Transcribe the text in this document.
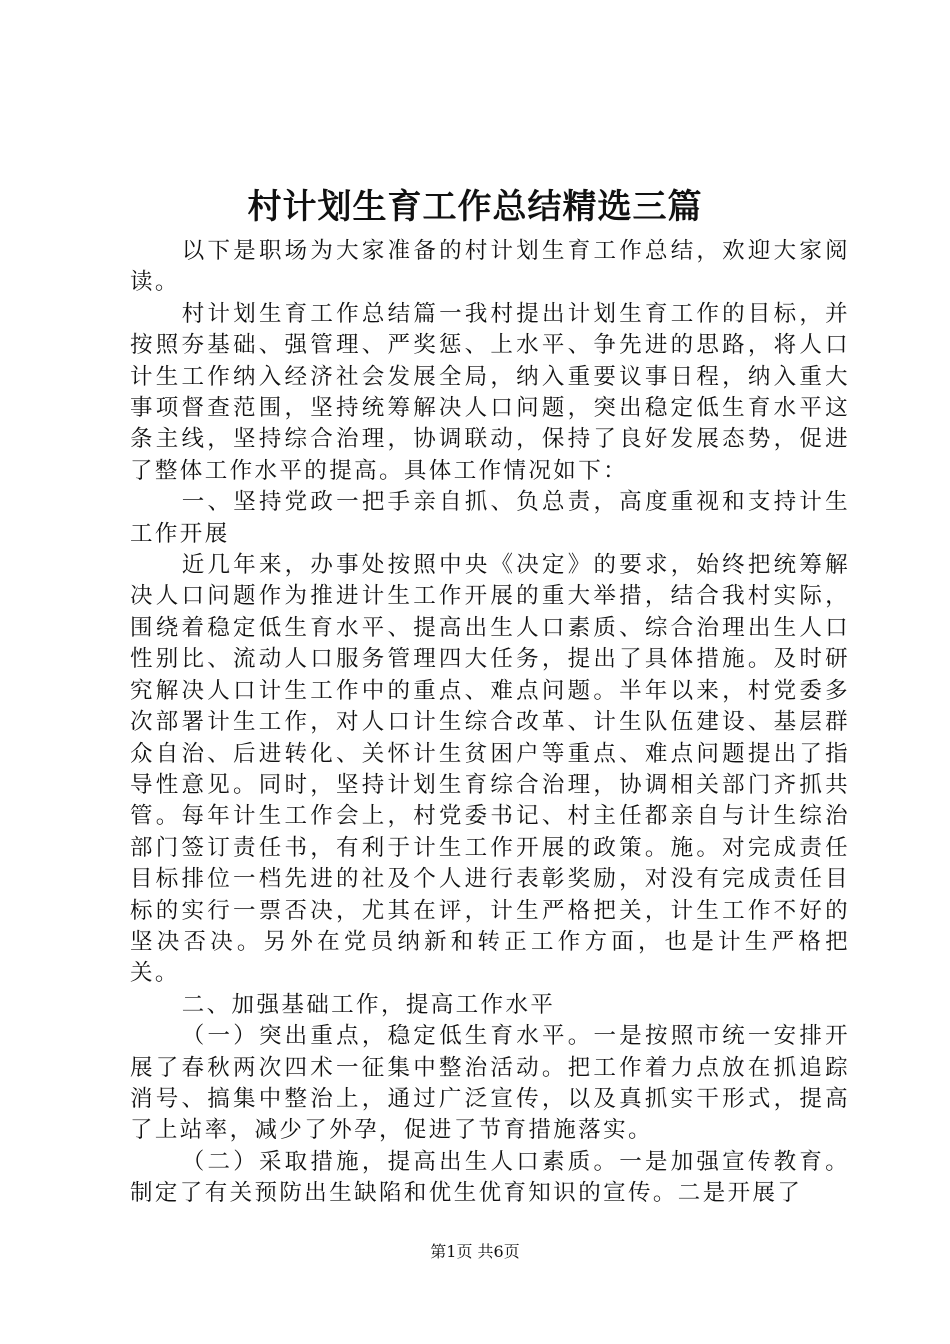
村计划生育工作总结精选三篇

以下是职场为大家准备的村计划生育工作总结，欢迎大家阅读。

村计划生育工作总结篇一我村提出计划生育工作的目标，并按照夯基础、强管理、严奖惩、上水平、争先进的思路，将人口计生工作纳入经济社会发展全局，纳入重要议事日程，纳入重大事项督查范围，坚持统筹解决人口问题，突出稳定低生育水平这条主线，坚持综合治理，协调联动，保持了良好发展态势，促进了整体工作水平的提高。具体工作情况如下：

一、坚持党政一把手亲自抓、负总责，高度重视和支持计生工作开展

近几年来，办事处按照中央《决定》的要求，始终把统筹解决人口问题作为推进计生工作开展的重大举措，结合我村实际，围绕着稳定低生育水平、提高出生人口素质、综合治理出生人口性别比、流动人口服务管理四大任务，提出了具体措施。及时研究解决人口计生工作中的重点、难点问题。半年以来，村党委多次部署计生工作，对人口计生综合改革、计生队伍建设、基层群众自治、后进转化、关怀计生贫困户等重点、难点问题提出了指导性意见。同时，坚持计划生育综合治理，协调相关部门齐抓共管。每年计生工作会上，村党委书记、村主任都亲自与计生综治部门签订责任书，有利于计生工作开展的政策。施。对完成责任目标排位一档先进的社及个人进行表彰奖励，对没有完成责任目标的实行一票否决，尤其在评，计生严格把关，计生工作不好的坚决否决。另外在党员纳新和转正工作方面，也是计生严格把关。

二、加强基础工作，提高工作水平

（一）突出重点，稳定低生育水平。一是按照市统一安排开展了春秋两次四术一征集中整治活动。把工作着力点放在抓追踪消号、搞集中整治上，通过广泛宣传，以及真抓实干形式，提高了上站率，减少了外孕，促进了节育措施落实。

（二）采取措施，提高出生人口素质。一是加强宣传教育。制定了有关预防出生缺陷和优生优育知识的宣传。二是开展了

第1页 共6页
